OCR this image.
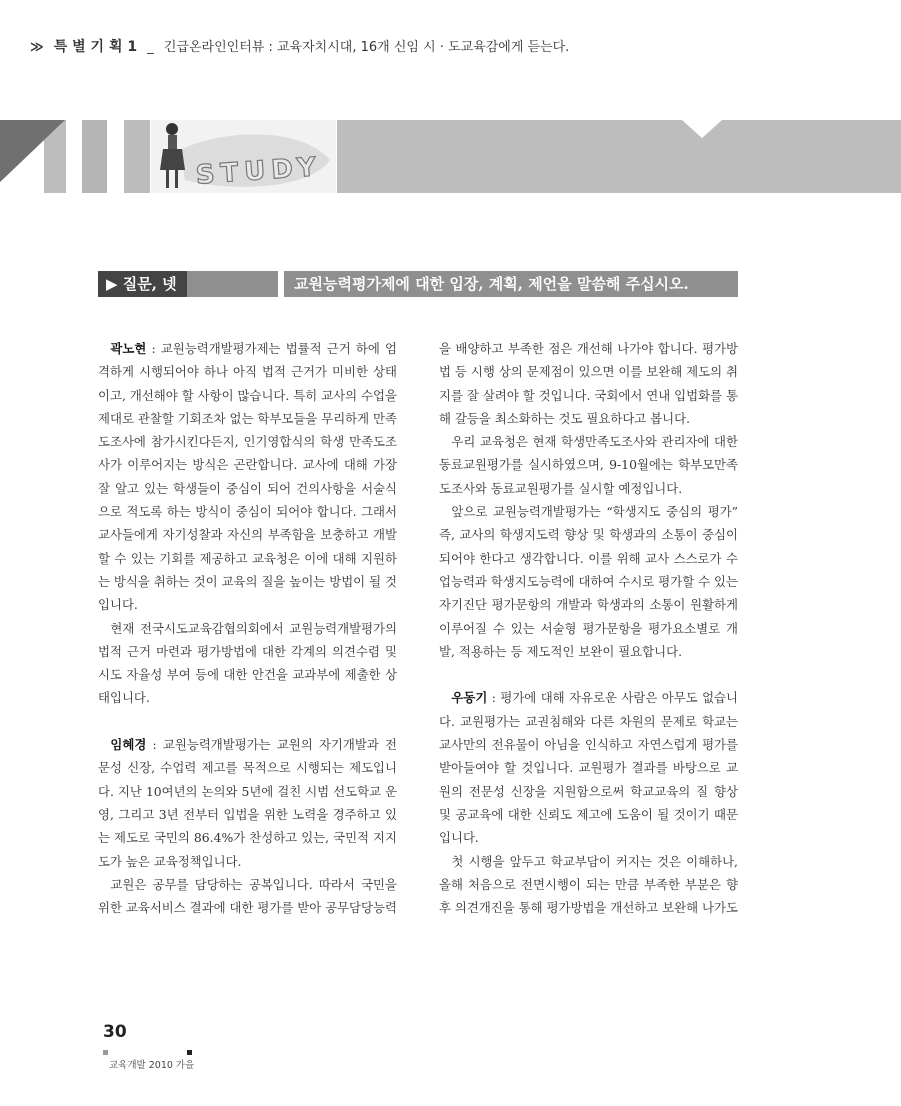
≫ 특 별 기 획 1 _ 긴급온라인인터뷰 : 교육자치시대, 16개 신임 시 · 도교육감에게 듣는다.
STUDY
▶ 질문, 넷	교원능력평가제에 대한 입장, 계획, 제언을 말씀해 주십시오.

곽노현 : 교원능력개발평가제는 법률적 근거 하에 엄격하게 시행되어야 하나 아직 법적 근거가 미비한 상태이고, 개선해야 할 사항이 많습니다. 특히 교사의 수업을 제대로 관찰할 기회조차 없는 학부모들을 무리하게 만족도조사에 참가시킨다든지, 인기영합식의 학생 만족도조사가 이루어지는 방식은 곤란합니다. 교사에 대해 가장 잘 알고 있는 학생들이 중심이 되어 건의사항을 서술식으로 적도록 하는 방식이 중심이 되어야 합니다. 그래서 교사들에게 자기성찰과 자신의 부족함을 보충하고 개발할 수 있는 기회를 제공하고 교육청은 이에 대해 지원하는 방식을 취하는 것이 교육의 질을 높이는 방법이 될 것입니다.

현재 전국시도교육감협의회에서 교원능력개발평가의 법적 근거 마련과 평가방법에 대한 각계의 의견수렴 및 시도 자율성 부여 등에 대한 안건을 교과부에 제출한 상태입니다.

임혜경 : 교원능력개발평가는 교원의 자기개발과 전문성 신장, 수업력 제고를 목적으로 시행되는 제도입니다. 지난 10여년의 논의와 5년에 걸친 시범 선도학교 운영, 그리고 3년 전부터 입법을 위한 노력을 경주하고 있는 제도로 국민의 86.4%가 찬성하고 있는, 국민적 지지도가 높은 교육정책입니다.

교원은 공무를 담당하는 공복입니다. 따라서 국민을 위한 교육서비스 결과에 대한 평가를 받아 공무담당능력

을 배양하고 부족한 점은 개선해 나가야 합니다. 평가방법 등 시행 상의 문제점이 있으면 이를 보완해 제도의 취지를 잘 살려야 할 것입니다. 국회에서 연내 입법화를 통해 갈등을 최소화하는 것도 필요하다고 봅니다.

우리 교육청은 현재 학생만족도조사와 관리자에 대한 동료교원평가를 실시하였으며, 9-10월에는 학부모만족도조사와 동료교원평가를 실시할 예정입니다.

앞으로 교원능력개발평가는 “학생지도 중심의 평가” 즉, 교사의 학생지도력 향상 및 학생과의 소통이 중심이 되어야 한다고 생각합니다. 이를 위해 교사 스스로가 수업능력과 학생지도능력에 대하여 수시로 평가할 수 있는 자기진단 평가문항의 개발과 학생과의 소통이 원활하게 이루어질 수 있는 서술형 평가문항을 평가요소별로 개발, 적용하는 등 제도적인 보완이 필요합니다.

우동기 : 평가에 대해 자유로운 사람은 아무도 없습니다. 교원평가는 교권침해와 다른 차원의 문제로 학교는 교사만의 전유물이 아님을 인식하고 자연스럽게 평가를 받아들여야 할 것입니다. 교원평가 결과를 바탕으로 교원의 전문성 신장을 지원함으로써 학교교육의 질 향상 및 공교육에 대한 신뢰도 제고에 도움이 될 것이기 때문입니다.

첫 시행을 앞두고 학교부담이 커지는 것은 이해하나, 올해 처음으로 전면시행이 되는 만큼 부족한 부분은 향후 의견개진을 통해 평가방법을 개선하고 보완해 나가도

30
교육개발 2010 가을
